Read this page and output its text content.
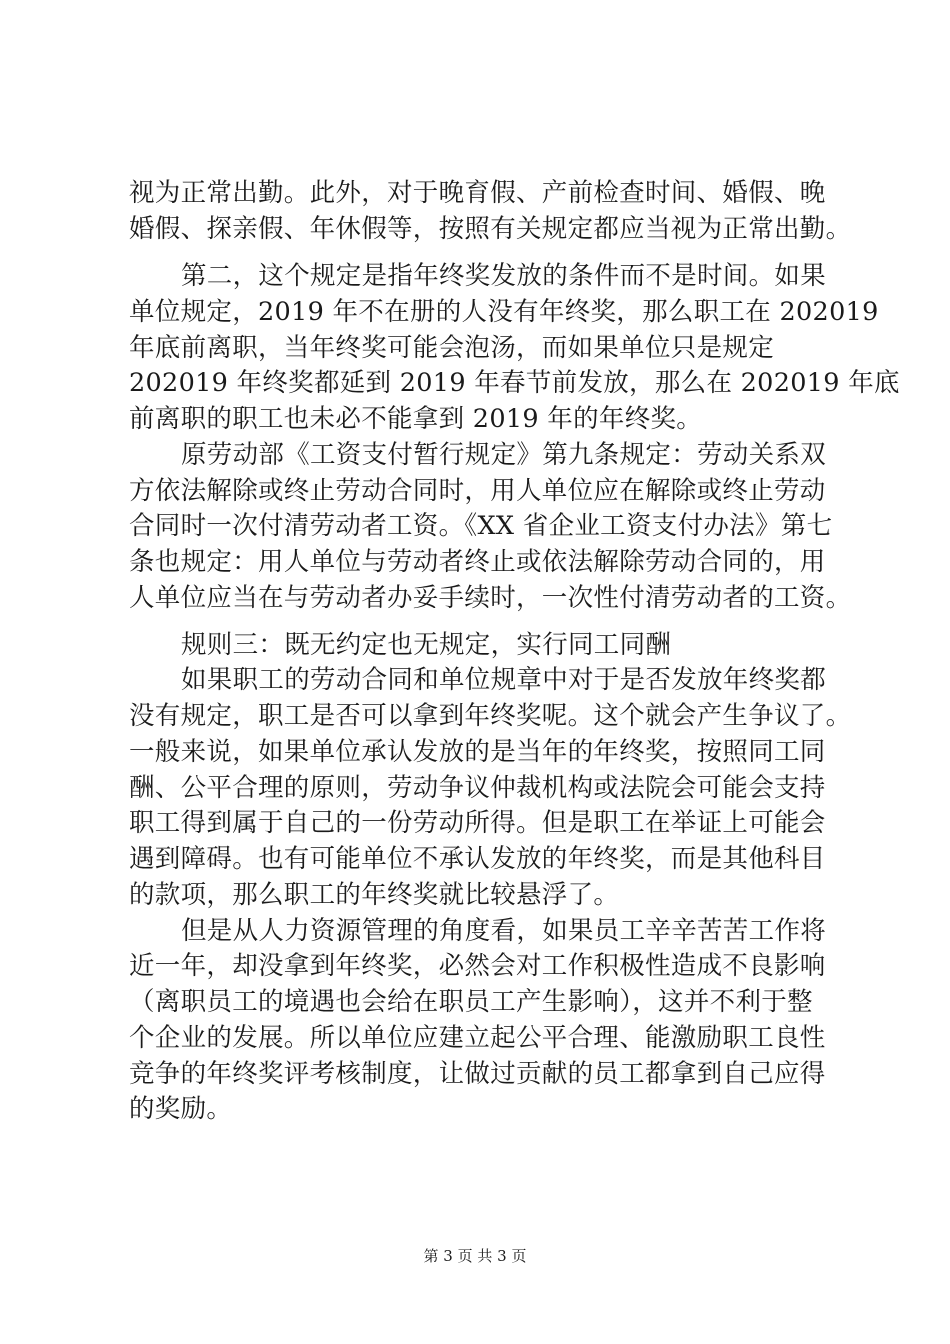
视为正常出勤。此外，对于晚育假、产前检查时间、婚假、晚
婚假、探亲假、年休假等，按照有关规定都应当视为正常出勤。
第二，这个规定是指年终奖发放的条件而不是时间。如果
单位规定，2019 年不在册的人没有年终奖，那么职工在 202019
年底前离职，当年终奖可能会泡汤，而如果单位只是规定
202019 年终奖都延到 2019 年春节前发放，那么在 202019 年底
前离职的职工也未必不能拿到 2019 年的年终奖。
原劳动部《工资支付暂行规定》第九条规定：劳动关系双
方依法解除或终止劳动合同时，用人单位应在解除或终止劳动
合同时一次付清劳动者工资。《XX 省企业工资支付办法》第七
条也规定：用人单位与劳动者终止或依法解除劳动合同的，用
人单位应当在与劳动者办妥手续时，一次性付清劳动者的工资。
规则三：既无约定也无规定，实行同工同酬
如果职工的劳动合同和单位规章中对于是否发放年终奖都
没有规定，职工是否可以拿到年终奖呢。这个就会产生争议了。
一般来说，如果单位承认发放的是当年的年终奖，按照同工同
酬、公平合理的原则，劳动争议仲裁机构或法院会可能会支持
职工得到属于自己的一份劳动所得。但是职工在举证上可能会
遇到障碍。也有可能单位不承认发放的年终奖，而是其他科目
的款项，那么职工的年终奖就比较悬浮了。
但是从人力资源管理的角度看，如果员工辛辛苦苦工作将
近一年，却没拿到年终奖，必然会对工作积极性造成不良影响
（离职员工的境遇也会给在职员工产生影响），这并不利于整
个企业的发展。所以单位应建立起公平合理、能激励职工良性
竞争的年终奖评考核制度，让做过贡献的员工都拿到自己应得
的奖励。
第 3 页 共 3 页
